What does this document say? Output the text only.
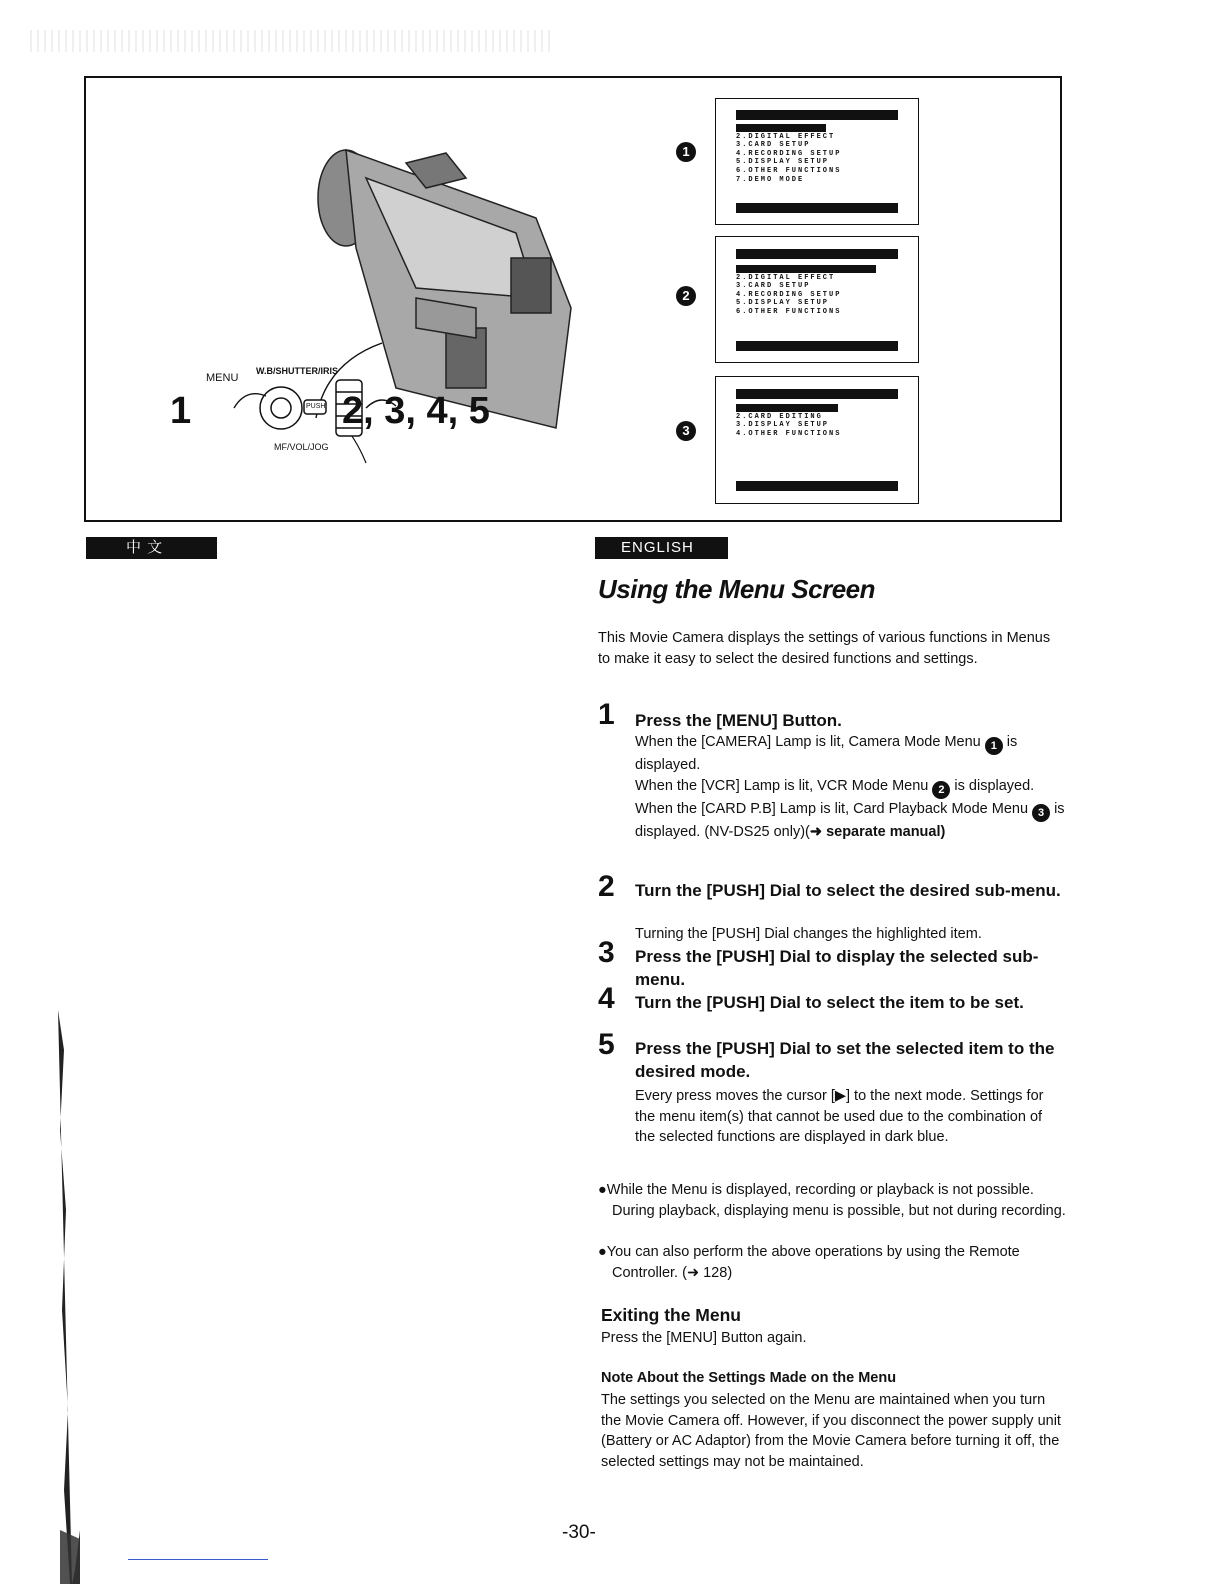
MENU
W.B/SHUTTER/IRIS
PUSH
MF/VOL/JOG
1	2, 3, 4, 5
1
1.
2.DIGITAL EFFECT
3.CARD SETUP
4.RECORDING SETUP
5.DISPLAY SETUP
6.OTHER FUNCTIONS
7.DEMO MODE
2
1.
2.DIGITAL EFFECT
3.CARD SETUP
4.RECORDING SETUP
5.DISPLAY SETUP
6.OTHER FUNCTIONS
3
1.
2.CARD EDITING
3.DISPLAY SETUP
4.OTHER FUNCTIONS
中 文	ENGLISH
Using the Menu Screen
This Movie Camera displays the settings of various functions in Menus to make it easy to select the desired functions and settings.
1 Press the [MENU] Button.
When the [CAMERA] Lamp is lit, Camera Mode Menu 1 is displayed.
When the [VCR] Lamp is lit, VCR Mode Menu 2 is displayed.
When the [CARD P.B] Lamp is lit, Card Playback Mode Menu 3 is displayed. (NV-DS25 only)(➜ separate manual)
2 Turn the [PUSH] Dial to select the desired sub-menu.
Turning the [PUSH] Dial changes the highlighted item.
3 Press the [PUSH] Dial to display the selected sub-menu.
4 Turn the [PUSH] Dial to select the item to be set.
5 Press the [PUSH] Dial to set the selected item to the desired mode.
Every press moves the cursor [▶] to the next mode. Settings for the menu item(s) that cannot be used due to the combination of the selected functions are displayed in dark blue.
●While the Menu is displayed, recording or playback is not possible. During playback, displaying menu is possible, but not during recording.
●You can also perform the above operations by using the Remote Controller. (➜ 128)
Exiting the Menu
Press the [MENU] Button again.
Note About the Settings Made on the Menu
The settings you selected on the Menu are maintained when you turn the Movie Camera off. However, if you disconnect the power supply unit (Battery or AC Adaptor) from the Movie Camera before turning it off, the selected settings may not be maintained.
-30-
